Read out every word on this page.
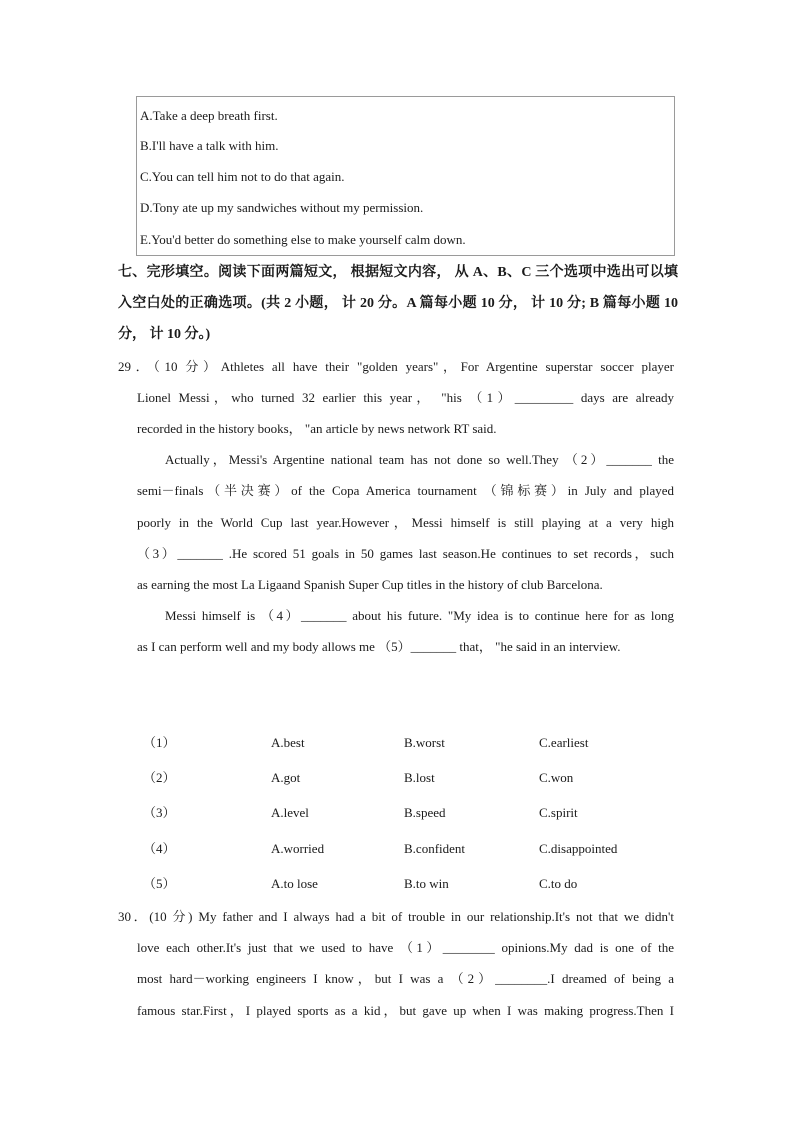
A.Take a deep breath first.
B.I'll have a talk with him.
C.You can tell him not to do that again.
D.Tony ate up my sandwiches without my permission.
E.You'd better do something else to make yourself calm down.
七、完形填空。阅读下面两篇短文， 根据短文内容， 从 A、B、C 三个选项中选出可以填
入空白处的正确选项。(共 2 小题， 计 20 分。A 篇每小题 10 分， 计 10 分; B 篇每小题 10
分， 计 10 分。)
29．（10 分）Athletes all have their "golden years"，For Argentine superstar soccer player
Lionel Messi，who turned 32 earlier this year， "his （1）_________ days are already
recorded in the history books， "an article by news network RT said.
Actually，Messi's Argentine national team has not done so well.They （2）_______ the
semi－finals（半决赛）of the Copa America tournament （锦标赛）in July and played
poorly in the World Cup last year.However，Messi himself is still playing at a very high
（3）_______ .He scored 51 goals in 50 games last season.He continues to set records，such
as earning the most La Ligaand Spanish Super Cup titles in the history of club Barcelona.
Messi himself is （4）_______ about his future. "My idea is to continue here for as long
as I can perform well and my body allows me （5）_______ that， "he said in an interview.
（1）	A.best	B.worst	C.earliest
（2）	A.got	B.lost	C.won
（3）	A.level	B.speed	C.spirit
（4）	A.worried	B.confident	C.disappointed
（5）	A.to lose	B.to win	C.to do
30．(10 分) My father and I always had a bit of trouble in our relationship.It's not that we didn't
love each other.It's just that we used to have （1）________ opinions.My dad is one of the
most hard－working engineers I know，but I was a （2）________.I dreamed of being a
famous star.First，I played sports as a kid，but gave up when I was making progress.Then I
